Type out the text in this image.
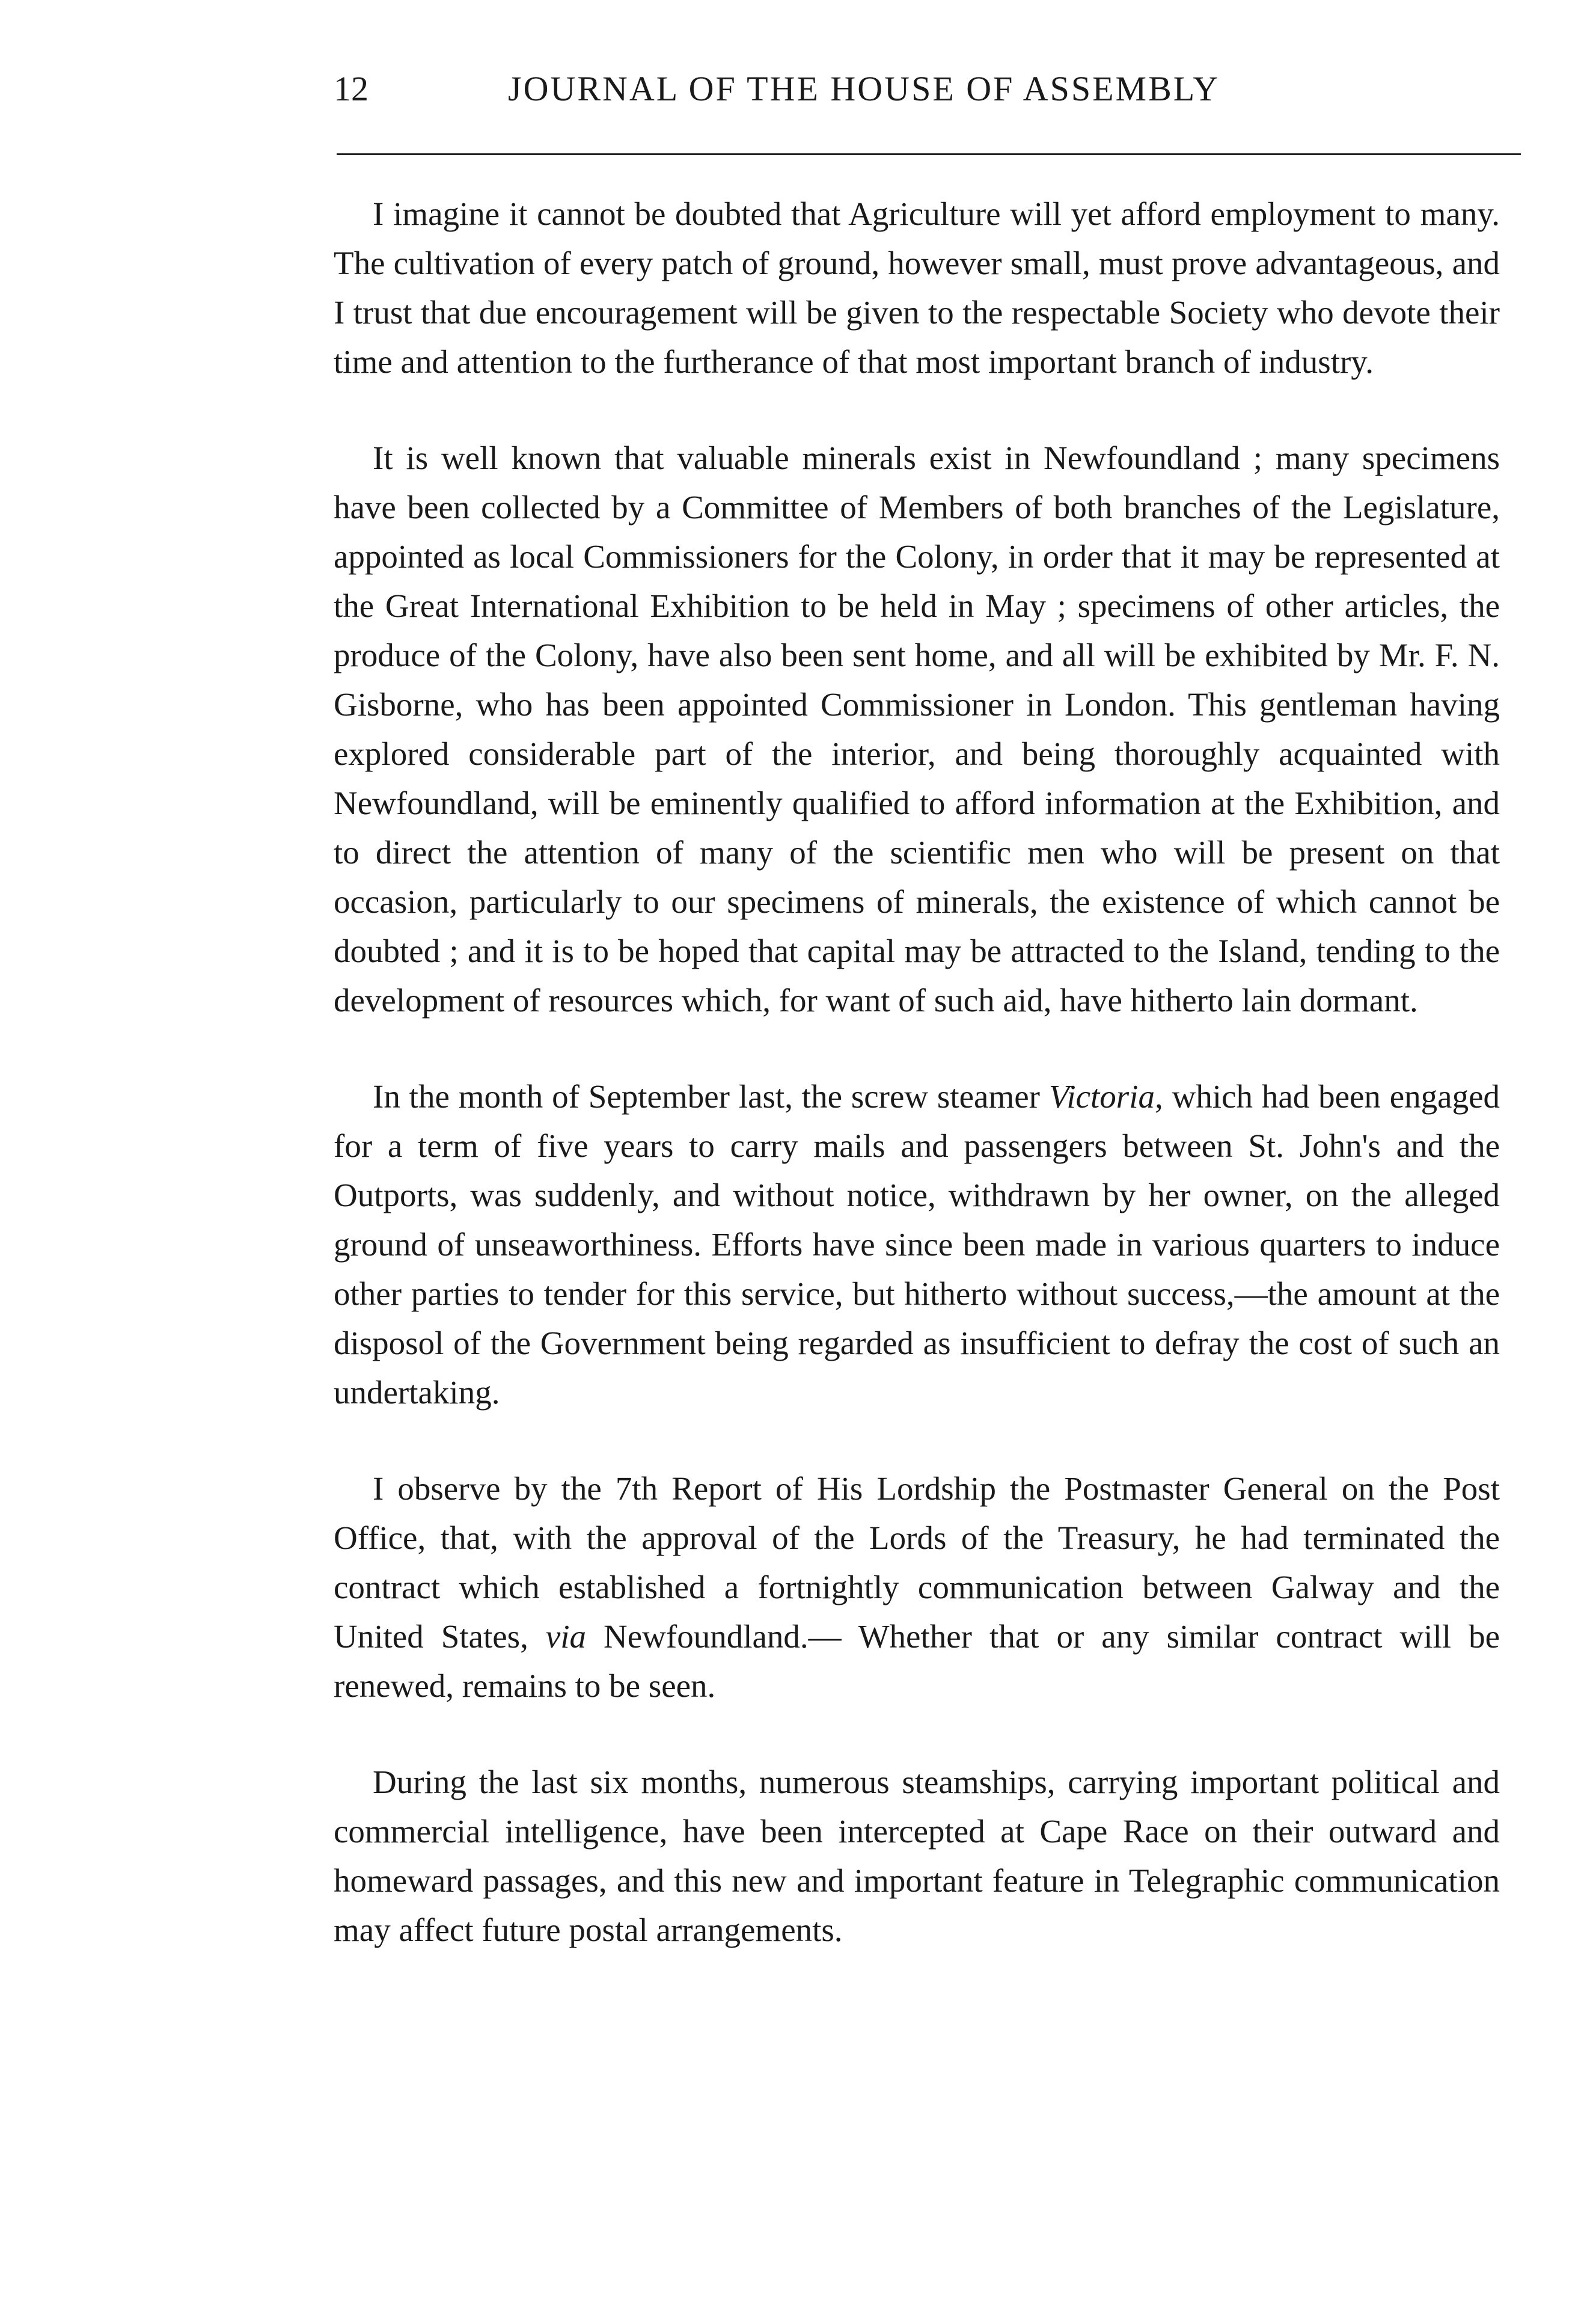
12	JOURNAL OF THE HOUSE OF ASSEMBLY

I imagine it cannot be doubted that Agriculture will yet afford employment to many. The cultivation of every patch of ground, however small, must prove advantageous, and I trust that due encouragement will be given to the respectable Society who devote their time and attention to the furtherance of that most important branch of industry.

It is well known that valuable minerals exist in Newfoundland ; many specimens have been collected by a Committee of Members of both branches of the Legislature, appointed as local Commissioners for the Colony, in order that it may be represented at the Great International Exhibition to be held in May ; specimens of other articles, the produce of the Colony, have also been sent home, and all will be exhibited by Mr. F. N. Gisborne, who has been appointed Commissioner in London. This gentleman having explored considerable part of the interior, and being thoroughly acquainted with Newfoundland, will be eminently qualified to afford information at the Exhibition, and to direct the attention of many of the scientific men who will be present on that occasion, particularly to our specimens of minerals, the existence of which cannot be doubted ; and it is to be hoped that capital may be attracted to the Island, tending to the development of resources which, for want of such aid, have hitherto lain dormant.

In the month of September last, the screw steamer Victoria, which had been engaged for a term of five years to carry mails and passengers between St. John's and the Outports, was suddenly, and without notice, withdrawn by her owner, on the alleged ground of unseaworthiness. Efforts have since been made in various quarters to induce other parties to tender for this service, but hitherto without success,—the amount at the disposol of the Government being regarded as insufficient to defray the cost of such an undertaking.

I observe by the 7th Report of His Lordship the Postmaster General on the Post Office, that, with the approval of the Lords of the Treasury, he had terminated the contract which established a fortnightly communication between Galway and the United States, via Newfoundland.— Whether that or any similar contract will be renewed, remains to be seen.

During the last six months, numerous steamships, carrying important political and commercial intelligence, have been intercepted at Cape Race on their outward and homeward passages, and this new and important feature in Telegraphic communication may affect future postal arrangements.
